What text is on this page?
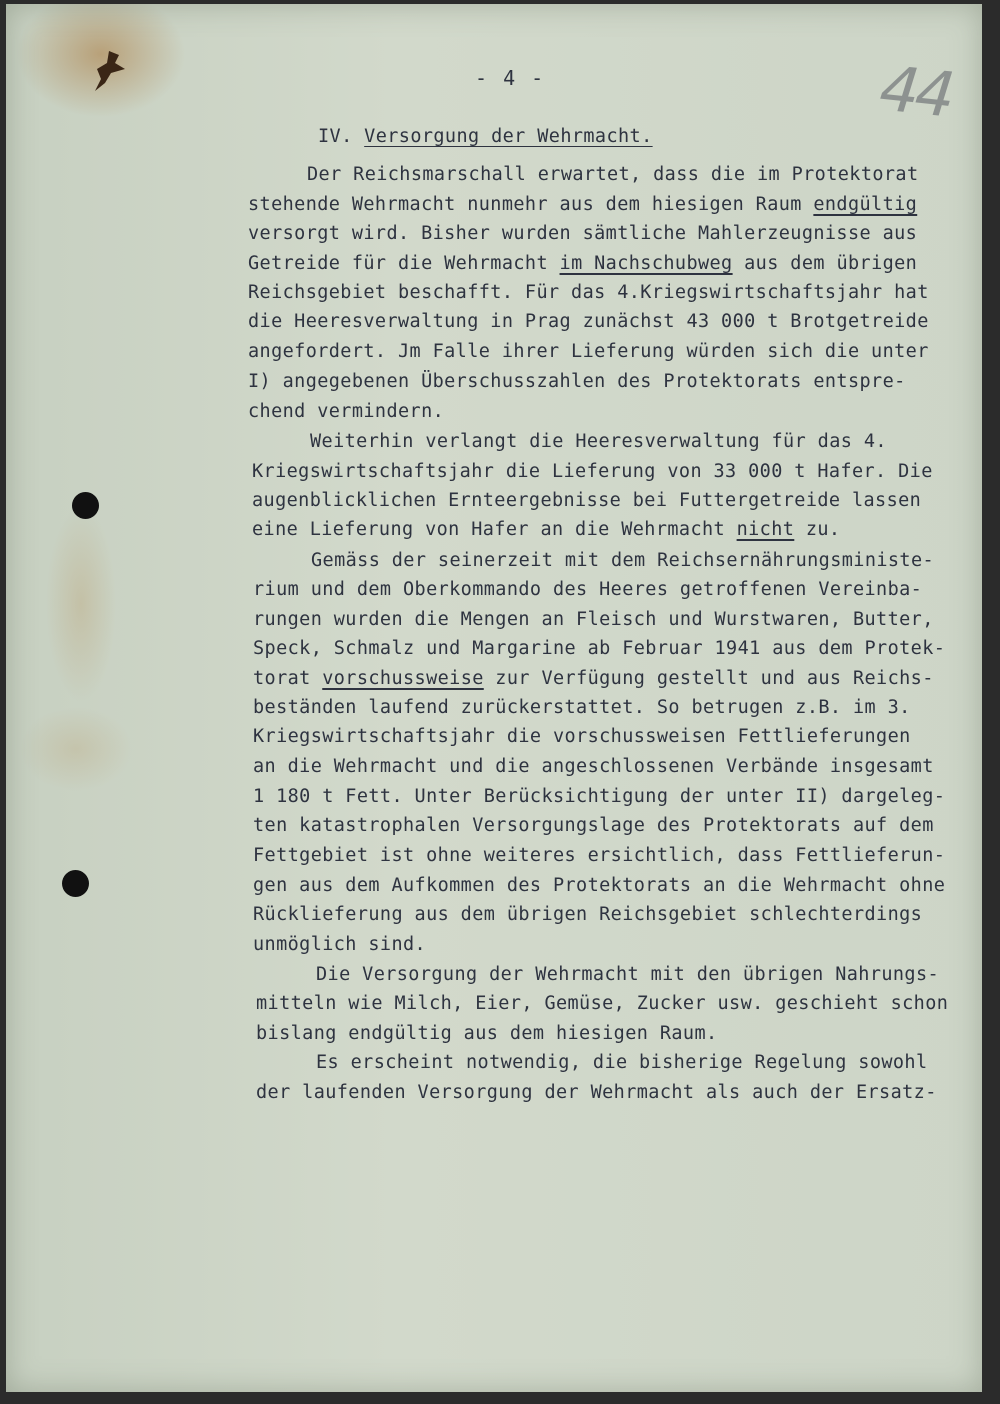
- 4 -	44

IV. Versorgung der Wehrmacht.

Der Reichsmarschall erwartet, dass die im Protektorat

stehende Wehrmacht nunmehr aus dem hiesigen Raum endgültig

versorgt wird. Bisher wurden sämtliche Mahlerzeugnisse aus

Getreide für die Wehrmacht im Nachschubweg aus dem übrigen

Reichsgebiet beschafft. Für das 4.Kriegswirtschaftsjahr hat

die Heeresverwaltung in Prag zunächst 43 000 t Brotgetreide

angefordert. Jm Falle ihrer Lieferung würden sich die unter

I) angegebenen Überschusszahlen des Protektorats entspre-

chend vermindern.

Weiterhin verlangt die Heeresverwaltung für das 4.

Kriegswirtschaftsjahr die Lieferung von 33 000 t Hafer. Die

augenblicklichen Ernteergebnisse bei Futtergetreide lassen

eine Lieferung von Hafer an die Wehrmacht nicht zu.

Gemäss der seinerzeit mit dem Reichsernährungsministe-

rium und dem Oberkommando des Heeres getroffenen Vereinba-

rungen wurden die Mengen an Fleisch und Wurstwaren, Butter,

Speck, Schmalz und Margarine ab Februar 1941 aus dem Protek-

torat vorschussweise zur Verfügung gestellt und aus Reichs-

beständen laufend zurückerstattet. So betrugen z.B. im 3.

Kriegswirtschaftsjahr die vorschussweisen Fettlieferungen

an die Wehrmacht und die angeschlossenen Verbände insgesamt

1 180 t Fett. Unter Berücksichtigung der unter II) dargeleg-

ten katastrophalen Versorgungslage des Protektorats auf dem

Fettgebiet ist ohne weiteres ersichtlich, dass Fettlieferun-

gen aus dem Aufkommen des Protektorats an die Wehrmacht ohne

Rücklieferung aus dem übrigen Reichsgebiet schlechterdings

unmöglich sind.

Die Versorgung der Wehrmacht mit den übrigen Nahrungs-

mitteln wie Milch, Eier, Gemüse, Zucker usw. geschieht schon

bislang endgültig aus dem hiesigen Raum.

Es erscheint notwendig, die bisherige Regelung sowohl

der laufenden Versorgung der Wehrmacht als auch der Ersatz-
